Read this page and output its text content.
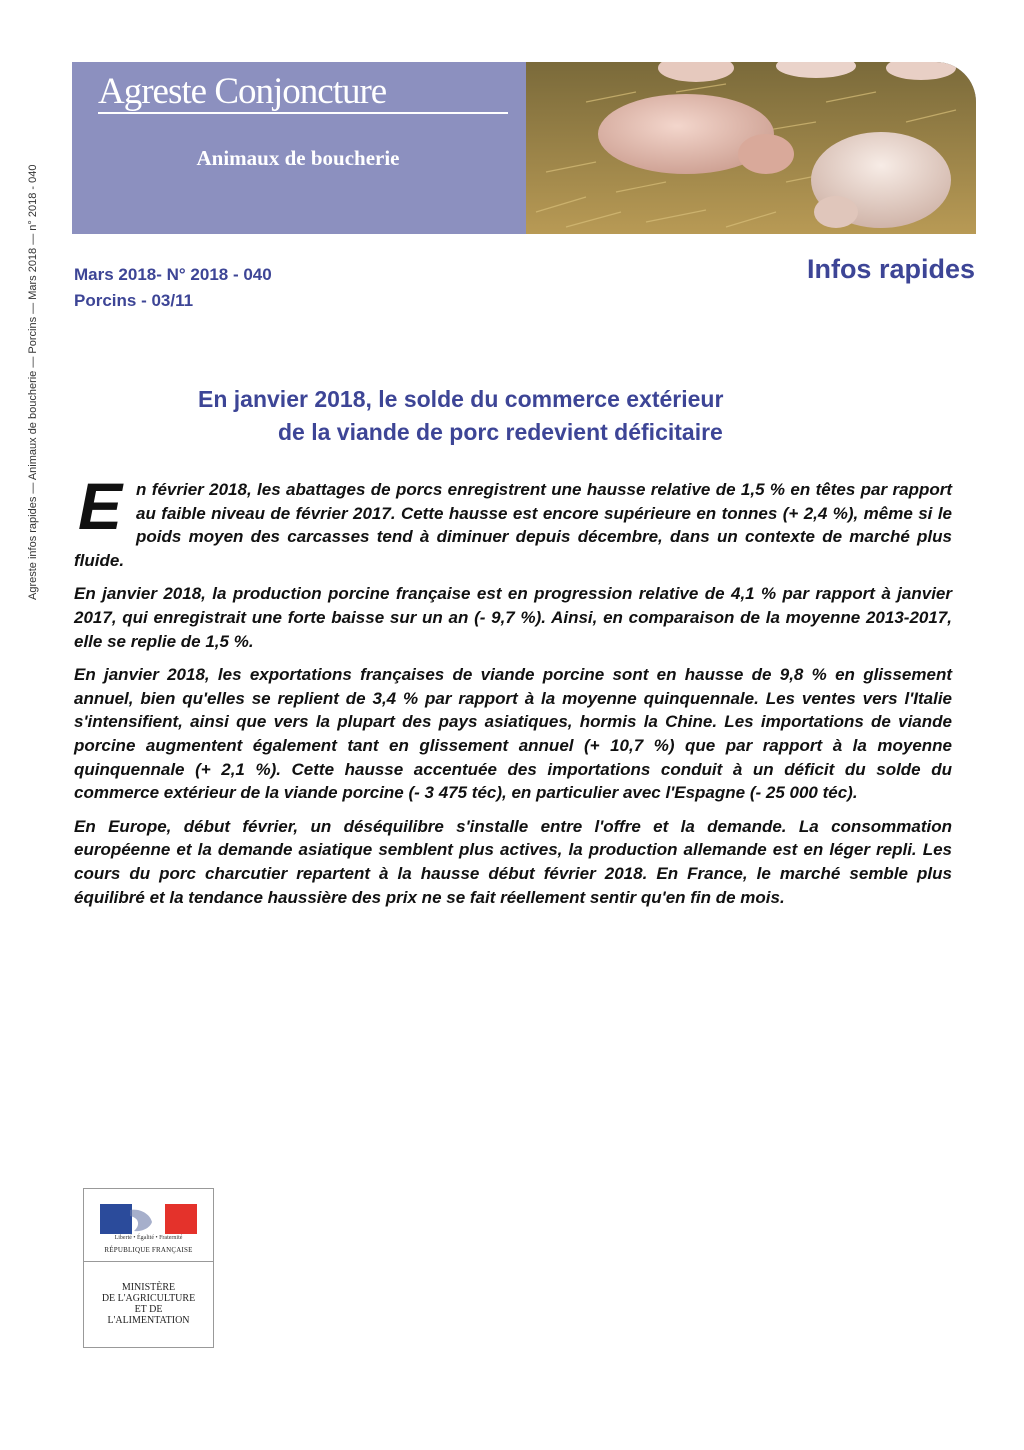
Agreste infos rapides — Animaux de boucherie — Porcins — Mars 2018 — n° 2018 - 040
Agreste Conjoncture
Animaux de boucherie
Mars 2018- N° 2018 - 040
Porcins - 03/11
Infos rapides
En janvier 2018, le solde du commerce extérieur
de la viande de porc redevient déficitaire

En février 2018, les abattages de porcs enregistrent une hausse relative de 1,5 % en têtes par rapport au faible niveau de février 2017. Cette hausse est encore supérieure en tonnes (+ 2,4 %), même si le poids moyen des carcasses tend à diminuer depuis décembre, dans un contexte de marché plus fluide.

En janvier 2018, la production porcine française est en progression relative de 4,1 % par rapport à janvier 2017, qui enregistrait une forte baisse sur un an (- 9,7 %). Ainsi, en comparaison de la moyenne 2013-2017, elle se replie de 1,5 %.

En janvier 2018, les exportations françaises de viande porcine sont en hausse de 9,8 % en glissement annuel, bien qu'elles se replient de 3,4 % par rapport à la moyenne quinquennale. Les ventes vers l'Italie s'intensifient, ainsi que vers la plupart des pays asiatiques, hormis la Chine. Les importations de viande porcine augmentent également tant en glissement annuel (+ 10,7 %) que par rapport à la moyenne quinquennale (+ 2,1 %). Cette hausse accentuée des importations conduit à un déficit du solde du commerce extérieur de la viande porcine (- 3 475 téc), en particulier avec l'Espagne (- 25 000 téc).

En Europe, début février, un déséquilibre s'installe entre l'offre et la demande. La consommation européenne et la demande asiatique semblent plus actives, la production allemande est en léger repli. Les cours du porc charcutier repartent à la hausse début février 2018. En France, le marché semble plus équilibré et la tendance haussière des prix ne se fait réellement sentir qu'en fin de mois.

Liberté • Égalité • Fraternité
RÉPUBLIQUE FRANÇAISE
MINISTÈRE
DE L'AGRICULTURE
ET DE
L'ALIMENTATION
